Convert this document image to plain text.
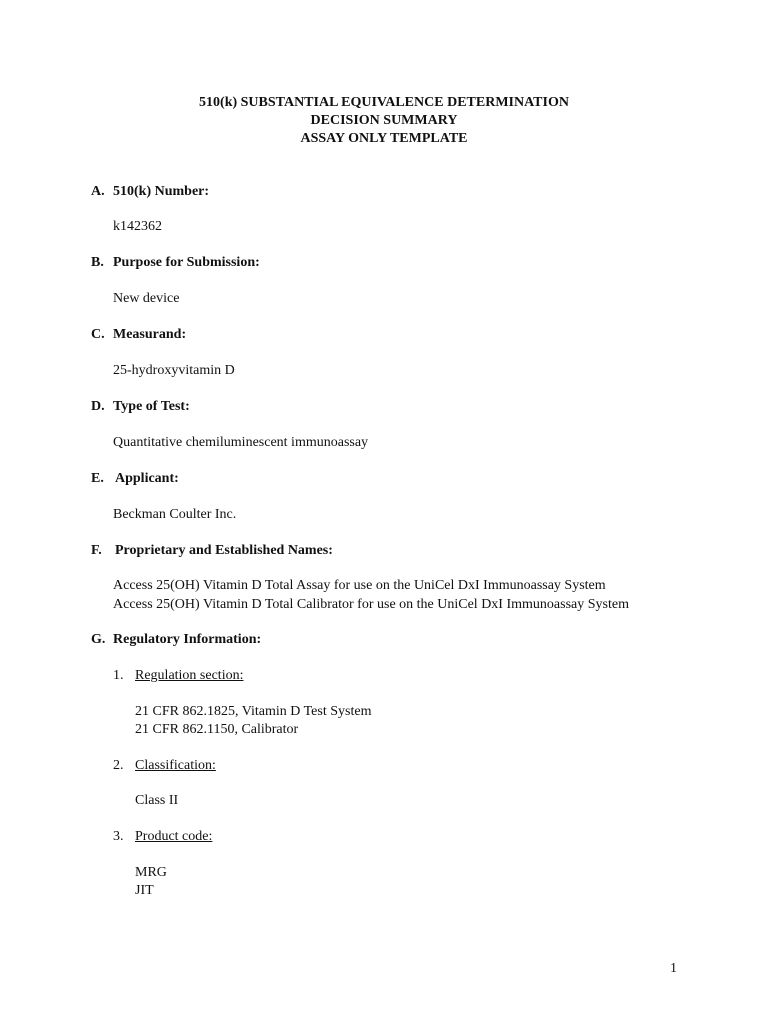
510(k) SUBSTANTIAL EQUIVALENCE DETERMINATION
DECISION SUMMARY
ASSAY ONLY TEMPLATE
A. 510(k) Number:
k142362
B. Purpose for Submission:
New device
C. Measurand:
25-hydroxyvitamin D
D. Type of Test:
Quantitative chemiluminescent immunoassay
E. Applicant:
Beckman Coulter Inc.
F. Proprietary and Established Names:
Access 25(OH) Vitamin D Total Assay for use on the UniCel DxI Immunoassay System
Access 25(OH) Vitamin D Total Calibrator for use on the UniCel DxI Immunoassay System
G. Regulatory Information:
1. Regulation section:
21 CFR 862.1825, Vitamin D Test System
21 CFR 862.1150, Calibrator
2. Classification:
Class II
3. Product code:
MRG
JIT
1
